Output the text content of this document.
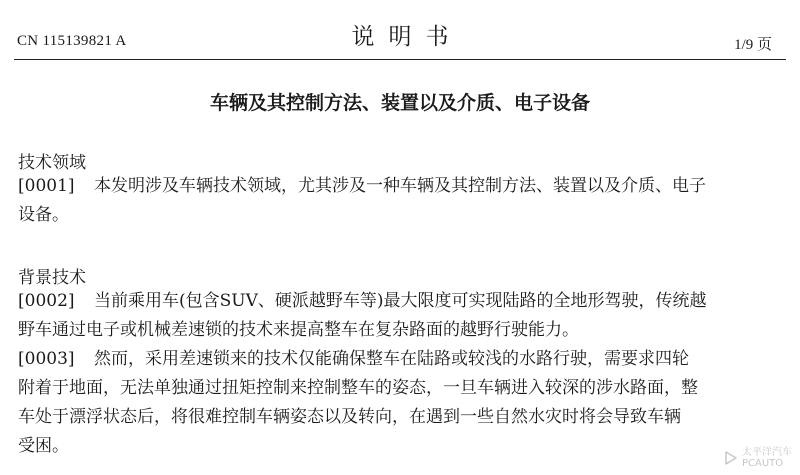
CN 115139821 A	说明书	1/9 页
车辆及其控制方法、装置以及介质、电子设备
技术领域
[0001] 本发明涉及车辆技术领域，尤其涉及一种车辆及其控制方法、装置以及介质、电子
设备。
背景技术
[0002] 当前乘用车(包含SUV、硬派越野车等)最大限度可实现陆路的全地形驾驶，传统越
野车通过电子或机械差速锁的技术来提高整车在复杂路面的越野行驶能力。
[0003] 然而，采用差速锁来的技术仅能确保整车在陆路或较浅的水路行驶，需要求四轮
附着于地面，无法单独通过扭矩控制来控制整车的姿态，一旦车辆进入较深的涉水路面，整
车处于漂浮状态后，将很难控制车辆姿态以及转向，在遇到一些自然水灾时将会导致车辆
受困。	太平洋汽车
PCAUTO
